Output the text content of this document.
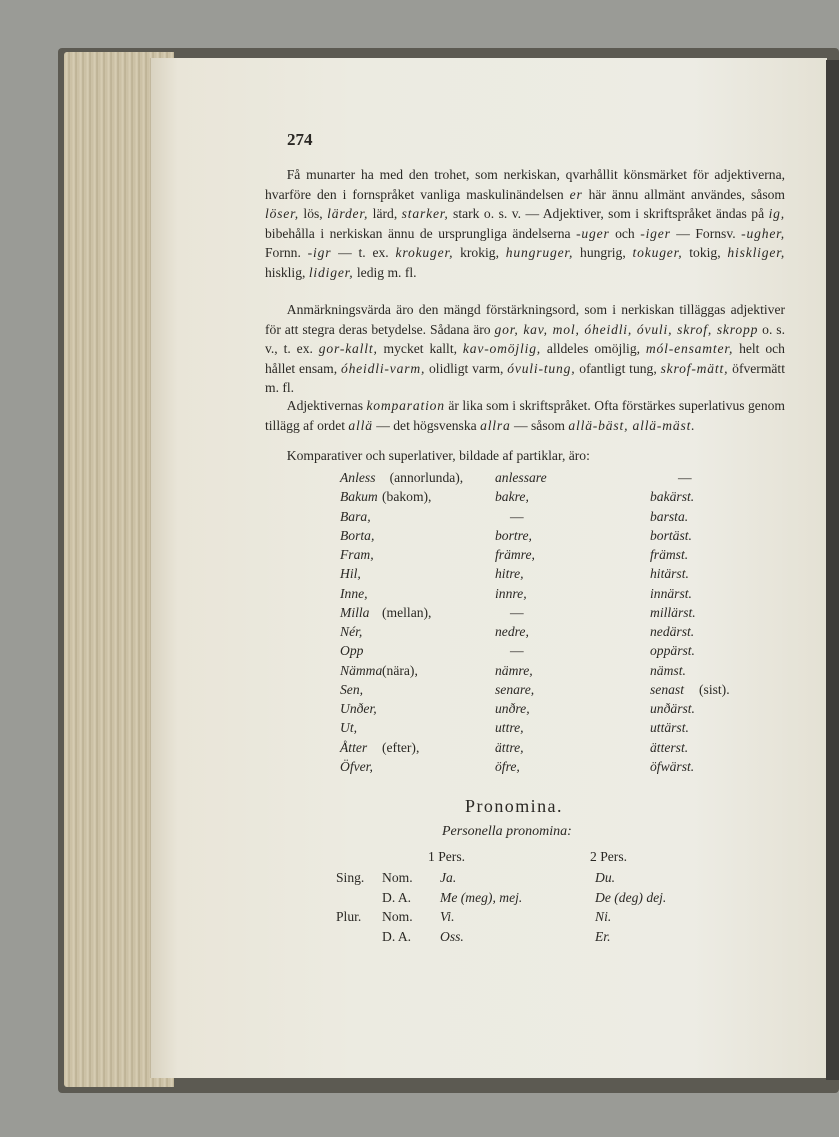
274

Få munarter ha med den trohet, som nerkiskan, qvarhållit könsmärket för adjektiverna, hvarföre den i fornspråket vanliga maskulinändelsen er här ännu allmänt användes, såsom löser, lös, lärder, lärd, starker, stark o. s. v. — Adjektiver, som i skriftspråket ändas på ig, bibehålla i nerkiskan ännu de ursprungliga ändelserna -uger och -iger — Fornsv. -ugher, Fornn. -igr — t. ex. krokuger, krokig, hungruger, hungrig, tokuger, tokig, hiskliger, hisklig, lidiger, ledig m. fl.

Anmärkningsvärda äro den mängd förstärkningsord, som i nerkiskan tilläggas adjektiver för att stegra deras betydelse. Sådana äro gor, kav, mol, óheidli, óvuli, skrof, skropp o. s. v., t. ex. gor-kallt, mycket kallt, kav-omöjlig, alldeles omöjlig, mól-ensamter, helt och hållet ensam, óheidli-varm, olidligt varm, óvuli-tung, ofantligt tung, skrof-mätt, öfvermätt m. fl.

Adjektivernas komparation är lika som i skriftspråket. Ofta förstärkes superlativus genom tillägg af ordet allä — det högsvenska allra — såsom allä-bäst, allä-mäst.

Komparativer och superlativer, bildade af partiklar, äro:

Anless (annorlunda), anlessare	—
Bakum (bakom),	bakre,	bakärst.
Bara,	—	barsta.
Borta,	bortre,	bortäst.
Fram,	främre,	främst.
Hil,	hitre,	hitärst.
Inne,	innre,	innärst.
Milla (mellan),	—	millärst.
Nér,	nedre,	nedärst.
Opp	—	oppärst.
Nämma (nära),	nämre,	nämst.
Sen,	senare,	senast (sist).
Unðer,	unðre,	unðärst.
Ut,	uttre,	uttärst.
Åtter (efter),	ättre,	ätterst.
Öfver,	öfre,	öfwärst.
Pronomina.
Personella pronomina:
1 Pers.	2 Pers.
Sing. Nom. Ja.	Du.
D. A. Me (meg), mej.	De (deg) dej.
Plur. Nom. Vi.	Ni.
D. A. Oss.	Er.
